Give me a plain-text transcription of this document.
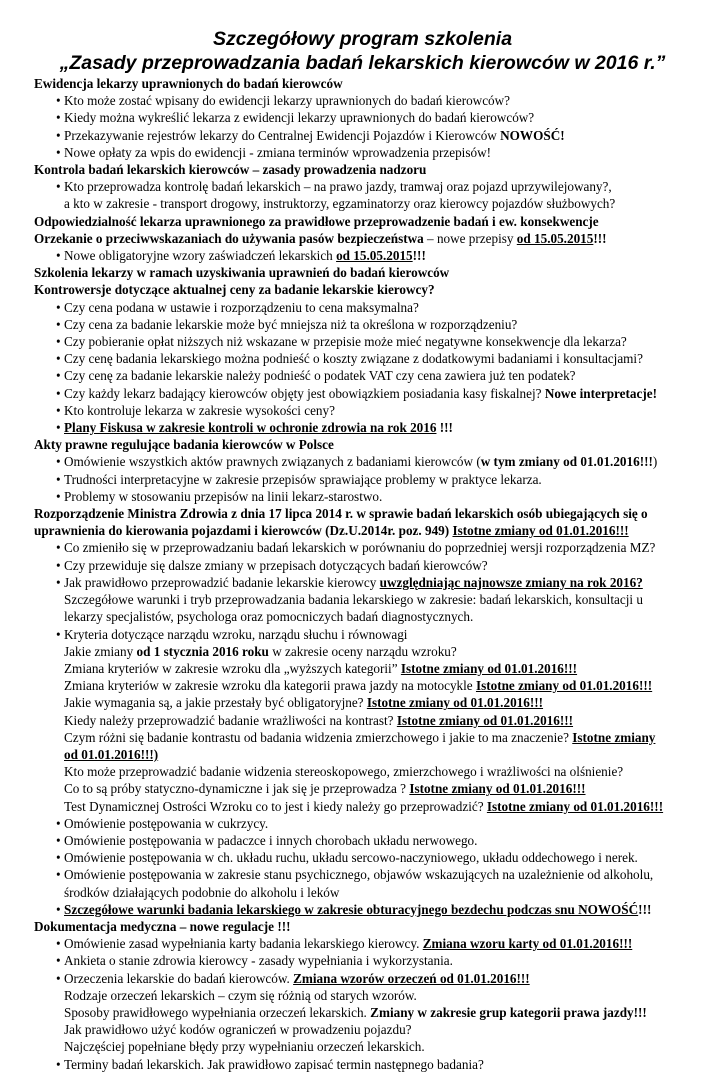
Szczegółowy program szkolenia
„Zasady przeprowadzania badań lekarskich kierowców w 2016 r.”
Ewidencja lekarzy uprawnionych do badań kierowców
• Kto może zostać wpisany do ewidencji lekarzy uprawnionych do badań kierowców?
• Kiedy można wykreślić lekarza z ewidencji lekarzy uprawnionych do badań kierowców?
• Przekazywanie rejestrów lekarzy do Centralnej Ewidencji Pojazdów i Kierowców NOWOŚĆ!
• Nowe opłaty za wpis do ewidencji - zmiana terminów wprowadzenia przepisów!
Kontrola badań lekarskich kierowców – zasady prowadzenia nadzoru
• Kto przeprowadza kontrolę badań lekarskich – na prawo jazdy, tramwaj oraz pojazd uprzywilejowany?,
a kto w zakresie - transport drogowy, instruktorzy, egzaminatorzy oraz kierowcy pojazdów służbowych?
Odpowiedzialność lekarza uprawnionego za prawidłowe przeprowadzenie badań i ew. konsekwencje
Orzekanie o przeciwwskazaniach do używania pasów bezpieczeństwa – nowe przepisy od 15.05.2015!!!
• Nowe obligatoryjne wzory zaświadczeń lekarskich od 15.05.2015!!!
Szkolenia lekarzy w ramach uzyskiwania uprawnień do badań kierowców
Kontrowersje dotyczące aktualnej ceny za badanie lekarskie kierowcy?
• Czy cena podana w ustawie i rozporządzeniu to cena maksymalna?
• Czy cena za badanie lekarskie może być mniejsza niż ta określona w rozporządzeniu?
• Czy pobieranie opłat niższych niż wskazane w przepisie może mieć negatywne konsekwencje dla lekarza?
• Czy cenę badania lekarskiego można podnieść o koszty związane z dodatkowymi badaniami i konsultacjami?
• Czy cenę za badanie lekarskie należy podnieść o podatek VAT czy cena zawiera już ten podatek?
• Czy każdy lekarz badający kierowców objęty jest obowiązkiem posiadania kasy fiskalnej? Nowe interpretacje!
• Kto kontroluje lekarza w zakresie wysokości ceny?
• Plany Fiskusa w zakresie kontroli w ochronie zdrowia na rok 2016 !!!
Akty prawne regulujące badania kierowców w Polsce
• Omówienie wszystkich aktów prawnych związanych z badaniami kierowców (w tym zmiany od 01.01.2016!!!)
• Trudności interpretacyjne w zakresie przepisów sprawiające problemy w praktyce lekarza.
• Problemy w stosowaniu przepisów na linii lekarz-starostwo.
Rozporządzenie Ministra Zdrowia z dnia 17 lipca 2014 r. w sprawie badań lekarskich osób ubiegających się o
uprawnienia do kierowania pojazdami i kierowców (Dz.U.2014r. poz. 949) Istotne zmiany od 01.01.2016!!!
• Co zmieniło się w przeprowadzaniu badań lekarskich w porównaniu do poprzedniej wersji rozporządzenia MZ?
• Czy przewiduje się dalsze zmiany w przepisach dotyczących badań kierowców?
• Jak prawidłowo przeprowadzić badanie lekarskie kierowcy uwzględniając najnowsze zmiany na rok 2016?
Szczegółowe warunki i tryb przeprowadzania badania lekarskiego w zakresie: badań lekarskich, konsultacji u
lekarzy specjalistów, psychologa oraz pomocniczych badań diagnostycznych.
• Kryteria dotyczące narządu wzroku, narządu słuchu i równowagi
Jakie zmiany od 1 stycznia 2016 roku w zakresie oceny narządu wzroku?
Zmiana kryteriów w zakresie wzroku dla „wyższych kategorii” Istotne zmiany od 01.01.2016!!!
Zmiana kryteriów w zakresie wzroku dla kategorii prawa jazdy na motocykle Istotne zmiany od 01.01.2016!!!
Jakie wymagania są, a jakie przestały być obligatoryjne? Istotne zmiany od 01.01.2016!!!
Kiedy należy przeprowadzić badanie wrażliwości na kontrast? Istotne zmiany od 01.01.2016!!!
Czym różni się badanie kontrastu od badania widzenia zmierzchowego i jakie to ma znaczenie? Istotne zmiany
od 01.01.2016!!!)
Kto może przeprowadzić badanie widzenia stereoskopowego, zmierzchowego i wrażliwości na olśnienie?
Co to są próby statyczno-dynamiczne i jak się je przeprowadza ? Istotne zmiany od 01.01.2016!!!
Test Dynamicznej Ostrości Wzroku co to jest i kiedy należy go przeprowadzić? Istotne zmiany od 01.01.2016!!!
• Omówienie postępowania w cukrzycy.
• Omówienie postępowania w padaczce i innych chorobach układu nerwowego.
• Omówienie postępowania w ch. układu ruchu, układu sercowo-naczyniowego, układu oddechowego i nerek.
• Omówienie postępowania w zakresie stanu psychicznego, objawów wskazujących na uzależnienie od alkoholu,
środków działających podobnie do alkoholu i leków
• Szczegółowe warunki badania lekarskiego w zakresie obturacyjnego bezdechu podczas snu NOWOŚĆ!!!
Dokumentacja medyczna – nowe regulacje !!!
• Omówienie zasad wypełniania karty badania lekarskiego kierowcy. Zmiana wzoru karty od 01.01.2016!!!
• Ankieta o stanie zdrowia kierowcy - zasady wypełniania i wykorzystania.
• Orzeczenia lekarskie do badań kierowców. Zmiana wzorów orzeczeń od 01.01.2016!!!
Rodzaje orzeczeń lekarskich – czym się różnią od starych wzorów.
Sposoby prawidłowego wypełniania orzeczeń lekarskich. Zmiany w zakresie grup kategorii prawa jazdy!!!
Jak prawidłowo użyć kodów ograniczeń w prowadzeniu pojazdu?
Najczęściej popełniane błędy przy wypełnianiu orzeczeń lekarskich.
• Terminy badań lekarskich. Jak prawidłowo zapisać termin następnego badania?
